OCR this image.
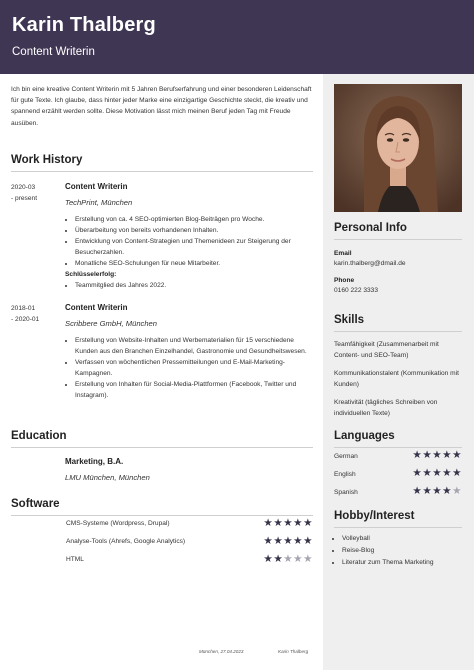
Karin Thalberg
Content Writerin

Ich bin eine kreative Content Writerin mit 5 Jahren Berufserfahrung und einer besonderen Leidenschaft für gute Texte. Ich glaube, dass hinter jeder Marke eine einzigartige Geschichte steckt, die kreativ und spannend erzählt werden sollte. Diese Motivation lässt mich meinen Beruf jeden Tag mit Freude ausüben.

Work History
2020-03
- present
Content Writerin
TechPrint, München
• Erstellung von ca. 4 SEO-optimierten Blog-Beiträgen pro Woche.
• Überarbeitung von bereits vorhandenen Inhalten.
• Entwicklung von Content-Strategien und Themenideen zur Steigerung der Besucherzahlen.
• Monatliche SEO-Schulungen für neue Mitarbeiter.
Schlüsselerfolg:
• Teammitglied des Jahres 2022.
2018-01
- 2020-01
Content Writerin
Scribbere GmbH, München
• Erstellung von Website-Inhalten und Werbematerialien für 15 verschiedene Kunden aus den Branchen Einzelhandel, Gastronomie und Gesundheitswesen.
• Verfassen von wöchentlichen Pressemitteilungen und E-Mail-Marketing-Kampagnen.
• Erstellung von Inhalten für Social-Media-Plattformen (Facebook, Twitter und Instagram).
Education
Marketing, B.A.
LMU München, München
Software
CMS-Systeme (Wordpress, Drupal)	★★★★★
Analyse-Tools (Ahrefs, Google Analytics)	★★★★★
HTML	★★★★★
München, 27.04.2023	Karin Thalberg
Personal Info
Email
karin.thalberg@dmail.de
Phone
0160 222 3333
Skills
Teamfähigkeit (Zusammenarbeit mit Content- und SEO-Team)
Kommunikationstalent (Kommunikation mit Kunden)
Kreativität (tägliches Schreiben von individuellen Texte)
Languages
German	★★★★★
English	★★★★★
Spanish	★★★★★
Hobby/Interest
• Volleyball
• Reise-Blog
• Literatur zum Thema Marketing
